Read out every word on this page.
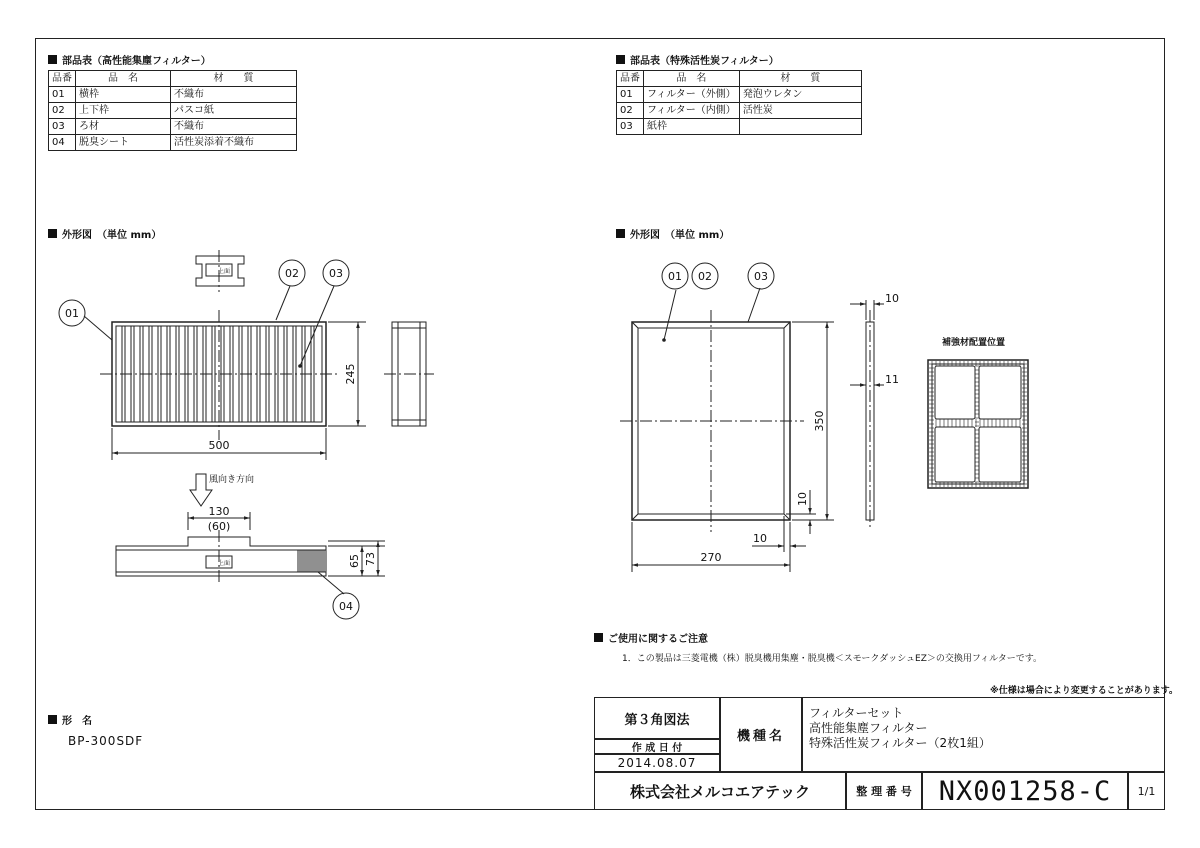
部品表（高性能集塵フィルター）
品番	品　名	材　　質
01	横枠	不織布
02	上下枠	パスコ紙
03	ろ材	不織布
04	脱臭シート	活性炭添着不織布
部品表（特殊活性炭フィルター）
品番	品　名	材　　質
01	フィルター（外側）	発泡ウレタン
02	フィルター（内側）	活性炭
03	紙枠	
外形図　（単位 mm）	外形図　（単位 mm）
01
02	03
04
500
130
(60)
245
65 73
01 02	03
270
10
350
10
10
11
風向き方向
上面
上面
補強材配置位置
ご使用に関するご注意
1．この製品は三菱電機（株）脱臭機用集塵・脱臭機＜スモークダッシュEZ＞の交換用フィルターです。
※仕様は場合により変更することがあります。
形　名
BP-300SDF
第３角図法
作 成 日 付
2014.08.07
機種名
フィルターセット
高性能集塵フィルター
特殊活性炭フィルター（2枚1組）
株式会社メルコエアテック	整 理 番 号 NX001258-C	1/1
